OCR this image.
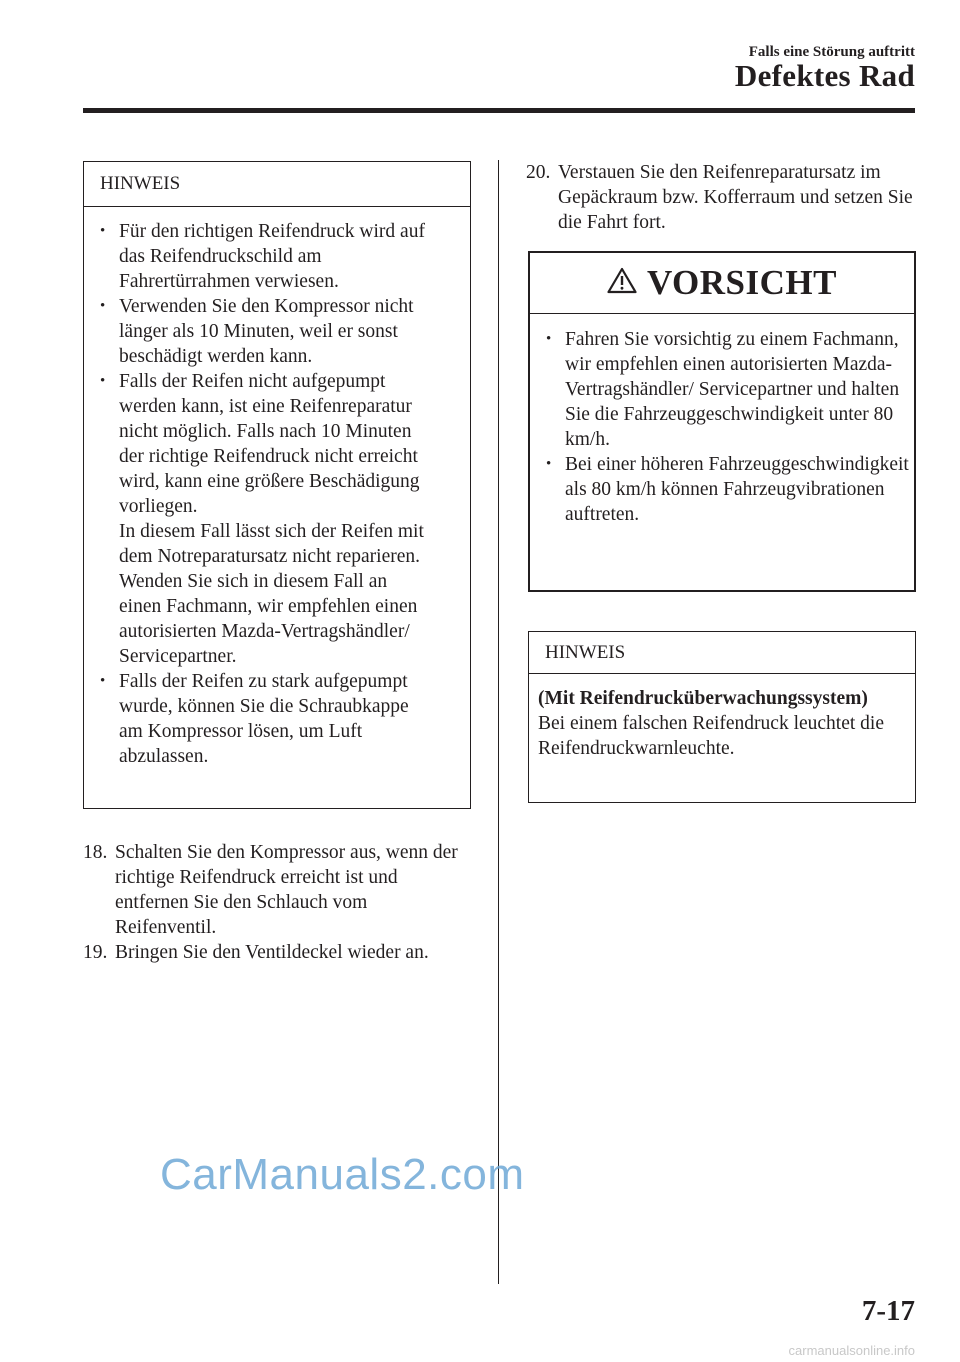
Falls eine Störung auftritt
Defektes Rad
HINWEIS
• Für den richtigen Reifendruck wird auf das Reifendruckschild am Fahrertürrahmen verwiesen.
• Verwenden Sie den Kompressor nicht länger als 10 Minuten, weil er sonst beschädigt werden kann.
• Falls der Reifen nicht aufgepumpt werden kann, ist eine Reifenreparatur nicht möglich. Falls nach 10 Minuten der richtige Reifendruck nicht erreicht wird, kann eine größere Beschädigung vorliegen.
In diesem Fall lässt sich der Reifen mit dem Notreparatursatz nicht reparieren. Wenden Sie sich in diesem Fall an einen Fachmann, wir empfehlen einen autorisierten Mazda-Vertragshändler/ Servicepartner.
• Falls der Reifen zu stark aufgepumpt wurde, können Sie die Schraubkappe am Kompressor lösen, um Luft abzulassen.
18. Schalten Sie den Kompressor aus, wenn der richtige Reifendruck erreicht ist und entfernen Sie den Schlauch vom Reifenventil.
19. Bringen Sie den Ventildeckel wieder an.
20. Verstauen Sie den Reifenreparatursatz im Gepäckraum bzw. Kofferraum und setzen Sie die Fahrt fort.
VORSICHT
• Fahren Sie vorsichtig zu einem Fachmann, wir empfehlen einen autorisierten Mazda-Vertragshändler/ Servicepartner und halten Sie die Fahrzeuggeschwindigkeit unter 80 km/h.
• Bei einer höheren Fahrzeuggeschwindigkeit als 80 km/h können Fahrzeugvibrationen auftreten.
HINWEIS
(Mit Reifendrucküberwachungssystem)
Bei einem falschen Reifendruck leuchtet die Reifendruckwarnleuchte.
CarManuals2.com
7-17
carmanualsonline.info
